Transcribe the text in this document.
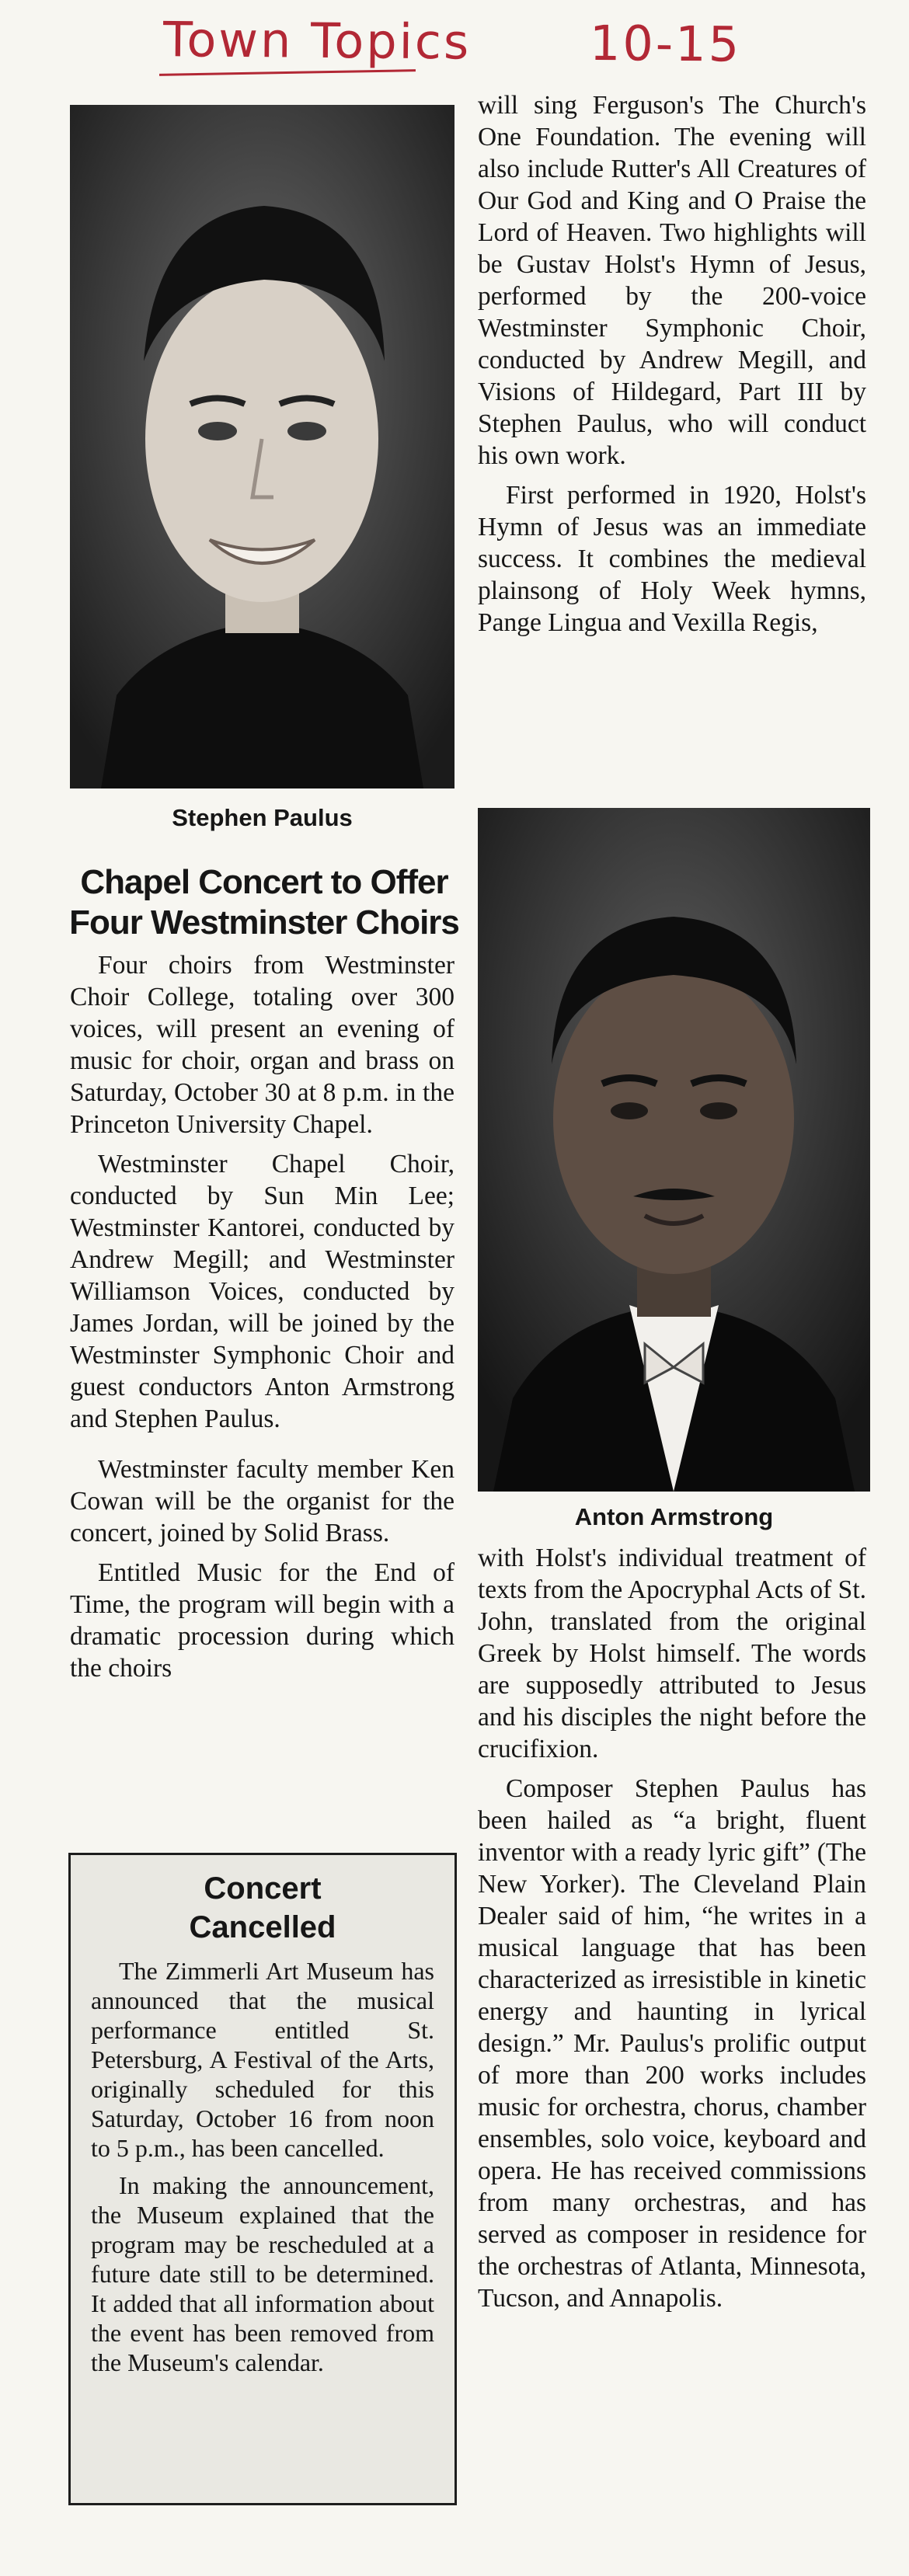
Town Topics 10-15
Stephen Paulus
Chapel Concert to Offer
Four Westminster Choirs

Four choirs from Westminster Choir College, totaling over 300 voices, will present an evening of music for choir, organ and brass on Saturday, October 30 at 8 p.m. in the Princeton University Chapel.

Westminster Chapel Choir, conducted by Sun Min Lee; Westminster Kantorei, conducted by Andrew Megill; and Westminster Williamson Voices, conducted by James Jordan, will be joined by the Westminster Symphonic Choir and guest conductors Anton Armstrong and Stephen Paulus.

Westminster faculty member Ken Cowan will be the organist for the concert, joined by Solid Brass.

Entitled Music for the End of Time, the program will begin with a dramatic procession during which the choirs

Concert
Cancelled

The Zimmerli Art Museum has announced that the musical performance entitled St. Petersburg, A Festival of the Arts, originally scheduled for this Saturday, October 16 from noon to 5 p.m., has been cancelled.

In making the announcement, the Museum explained that the program may be rescheduled at a future date still to be determined. It added that all information about the event has been removed from the Museum's calendar.

will sing Ferguson's The Church's One Foundation. The evening will also include Rutter's All Creatures of Our God and King and O Praise the Lord of Heaven. Two highlights will be Gustav Holst's Hymn of Jesus, performed by the 200-voice Westminster Symphonic Choir, conducted by Andrew Megill, and Visions of Hildegard, Part III by Stephen Paulus, who will conduct his own work.

First performed in 1920, Holst's Hymn of Jesus was an immediate success. It combines the medieval plainsong of Holy Week hymns, Pange Lingua and Vexilla Regis,

Anton Armstrong

with Holst's individual treatment of texts from the Apocryphal Acts of St. John, translated from the original Greek by Holst himself. The words are supposedly attributed to Jesus and his disciples the night before the crucifixion.

Composer Stephen Paulus has been hailed as “a bright, fluent inventor with a ready lyric gift” (The New Yorker). The Cleveland Plain Dealer said of him, “he writes in a musical language that has been characterized as irresistible in kinetic energy and haunting in lyrical design.” Mr. Paulus's prolific output of more than 200 works includes music for orchestra, chorus, chamber ensembles, solo voice, keyboard and opera. He has received commissions from many orchestras, and has served as composer in residence for the orchestras of Atlanta, Minnesota, Tucson, and Annapolis.
